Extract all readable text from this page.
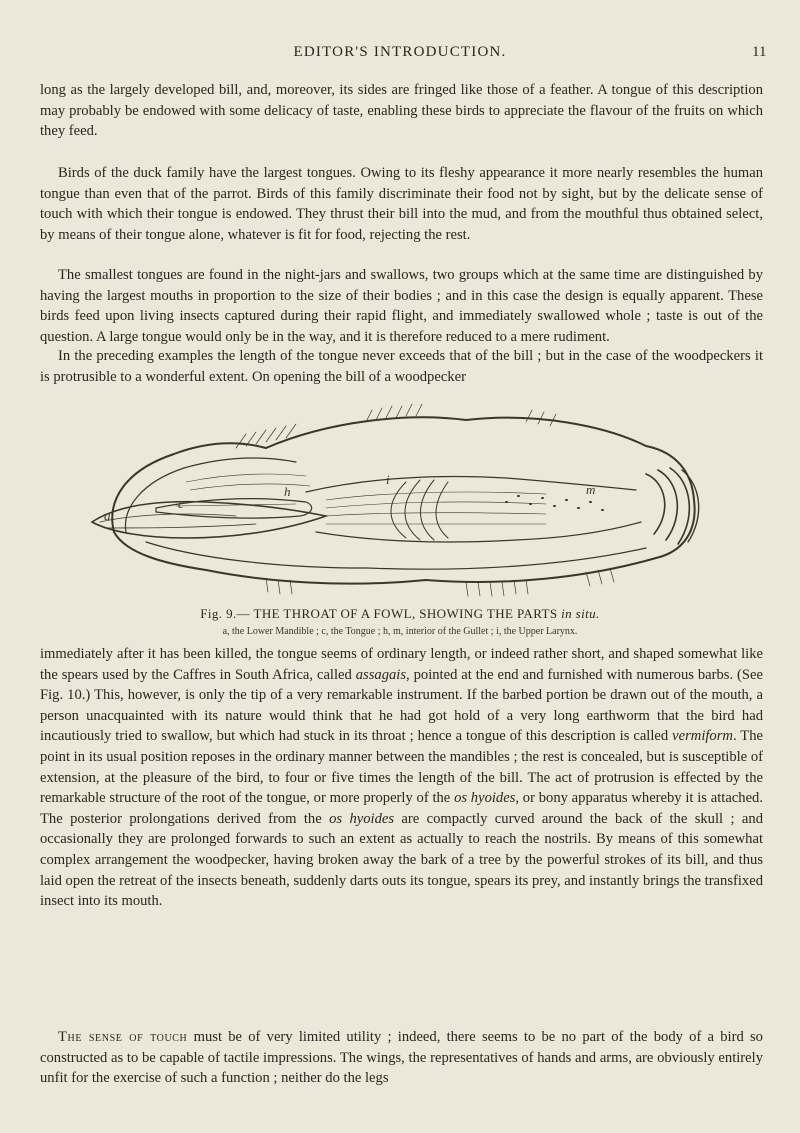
EDITOR'S INTRODUCTION.	11

long as the largely developed bill, and, moreover, its sides are fringed like those of a feather. A tongue of this description may probably be endowed with some delicacy of taste, enabling these birds to appreciate the flavour of the fruits on which they feed.

Birds of the duck family have the largest tongues. Owing to its fleshy appearance it more nearly resembles the human tongue than even that of the parrot. Birds of this family discriminate their food not by sight, but by the delicate sense of touch with which their tongue is endowed. They thrust their bill into the mud, and from the mouthful thus obtained select, by means of their tongue alone, whatever is fit for food, rejecting the rest.

The smallest tongues are found in the night-jars and swallows, two groups which at the same time are distinguished by having the largest mouths in proportion to the size of their bodies ; and in this case the design is equally apparent. These birds feed upon living insects captured during their rapid flight, and immediately swallowed whole ; taste is out of the question. A large tongue would only be in the way, and it is therefore reduced to a mere rudiment.

In the preceding examples the length of the tongue never exceeds that of the bill ; but in the case of the woodpeckers it is protrusible to a wonderful extent. On opening the bill of a woodpecker

a
c
h
i
m
Fig. 9.— THE THROAT OF A FOWL, SHOWING THE PARTS in situ.
a, the Lower Mandible ; c, the Tongue ; h, m, interior of the Gullet ; i, the Upper Larynx.

immediately after it has been killed, the tongue seems of ordinary length, or indeed rather short, and shaped somewhat like the spears used by the Caffres in South Africa, called assagais, pointed at the end and furnished with numerous barbs. (See Fig. 10.) This, however, is only the tip of a very remarkable instrument. If the barbed portion be drawn out of the mouth, a person unacquainted with its nature would think that he had got hold of a very long earthworm that the bird had incautiously tried to swallow, but which had stuck in its throat ; hence a tongue of this description is called vermiform. The point in its usual position reposes in the ordinary manner between the mandibles ; the rest is concealed, but is susceptible of extension, at the pleasure of the bird, to four or five times the length of the bill. The act of protrusion is effected by the remarkable structure of the root of the tongue, or more properly of the os hyoides, or bony apparatus whereby it is attached. The posterior prolongations derived from the os hyoides are compactly curved around the back of the skull ; and occasionally they are prolonged forwards to such an extent as actually to reach the nostrils. By means of this somewhat complex arrangement the woodpecker, having broken away the bark of a tree by the powerful strokes of its bill, and thus laid open the retreat of the insects beneath, suddenly darts outs its tongue, spears its prey, and instantly brings the transfixed insect into its mouth.

The sense of touch must be of very limited utility ; indeed, there seems to be no part of the body of a bird so constructed as to be capable of tactile impressions. The wings, the representatives of hands and arms, are obviously entirely unfit for the exercise of such a function ; neither do the legs
